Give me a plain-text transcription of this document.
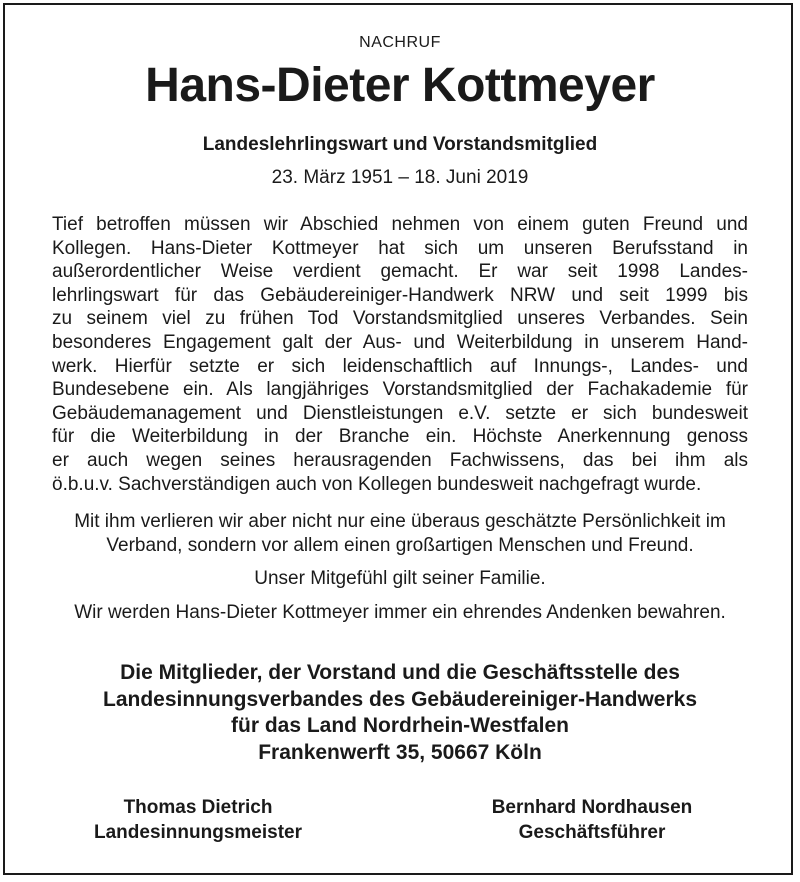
NACHRUF
Hans-Dieter Kottmeyer
Landeslehrlingswart und Vorstandsmitglied
23. März 1951 – 18. Juni 2019
Tief betroffen müssen wir Abschied nehmen von einem guten Freund und
Kollegen. Hans-Dieter Kottmeyer hat sich um unseren Berufsstand in
außerordentlicher Weise verdient gemacht. Er war seit 1998 Landes-
lehrlingswart für das Gebäudereiniger-Handwerk NRW und seit 1999 bis
zu seinem viel zu frühen Tod Vorstandsmitglied unseres Verbandes. Sein
besonderes Engagement galt der Aus- und Weiterbildung in unserem Hand-
werk. Hierfür setzte er sich leidenschaftlich auf Innungs-, Landes- und
Bundesebene ein. Als langjähriges Vorstandsmitglied der Fachakademie für
Gebäudemanagement und Dienstleistungen e.V. setzte er sich bundesweit
für die Weiterbildung in der Branche ein. Höchste Anerkennung genoss
er auch wegen seines herausragenden Fachwissens, das bei ihm als
ö.b.u.v. Sachverständigen auch von Kollegen bundesweit nachgefragt wurde.
Mit ihm verlieren wir aber nicht nur eine überaus geschätzte Persönlichkeit im
Verband, sondern vor allem einen großartigen Menschen und Freund.
Unser Mitgefühl gilt seiner Familie.
Wir werden Hans-Dieter Kottmeyer immer ein ehrendes Andenken bewahren.
Die Mitglieder, der Vorstand und die Geschäftsstelle des
Landesinnungsverbandes des Gebäudereiniger-Handwerks
für das Land Nordrhein-Westfalen
Frankenwerft 35, 50667 Köln
Thomas Dietrich
Landesinnungsmeister
Bernhard Nordhausen
Geschäftsführer
